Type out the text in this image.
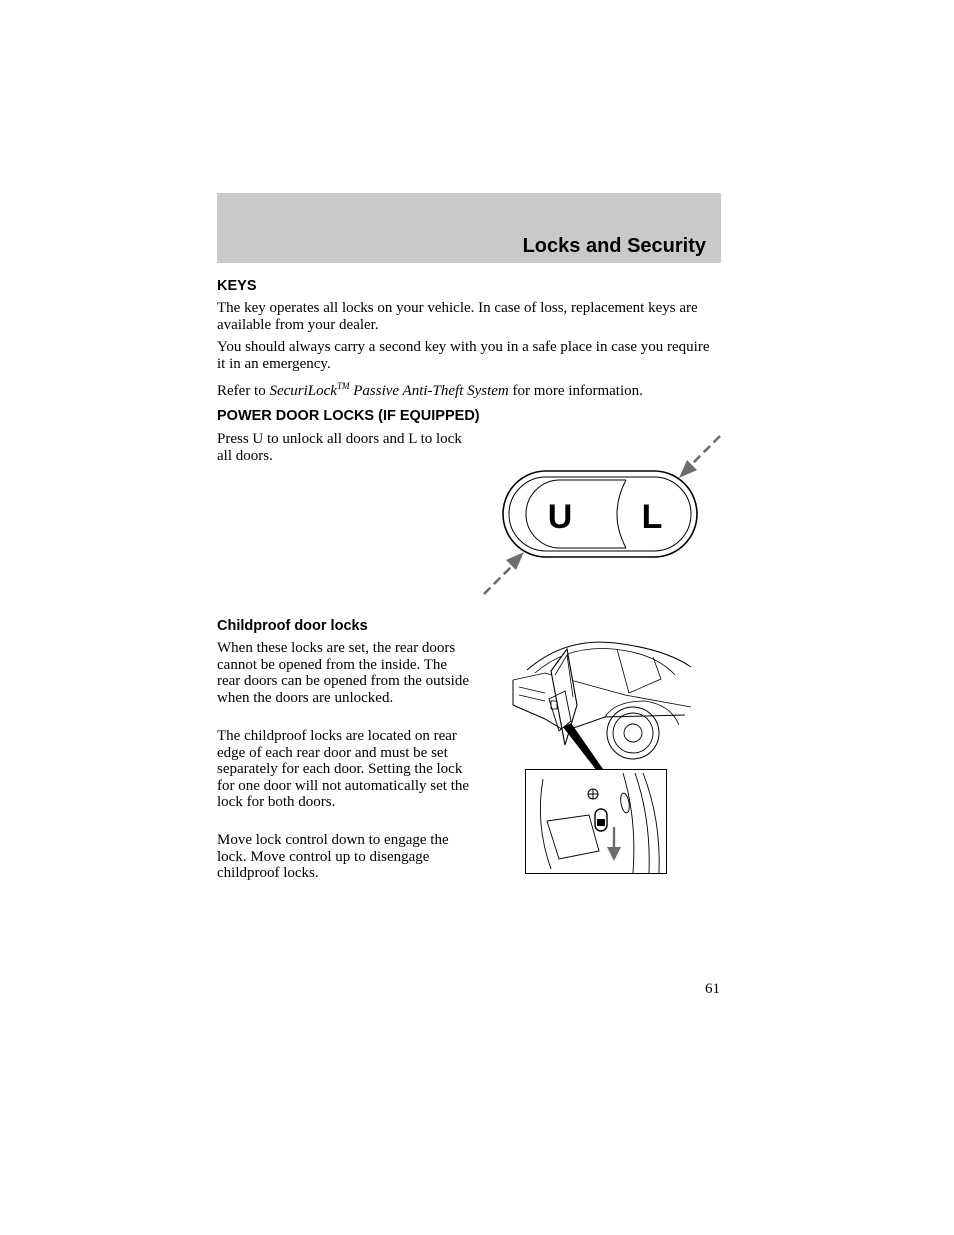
Locks and Security
KEYS

The key operates all locks on your vehicle. In case of loss, replacement keys are available from your dealer.

You should always carry a second key with you in a safe place in case you require it in an emergency.

Refer to SecuriLock™ Passive Anti-Theft System for more information.

POWER DOOR LOCKS (IF EQUIPPED)

Press U to unlock all doors and L to lock all doors.

U L
Childproof door locks

When these locks are set, the rear doors cannot be opened from the inside. The rear doors can be opened from the outside when the doors are unlocked.

The childproof locks are located on rear edge of each rear door and must be set separately for each door. Setting the lock for one door will not automatically set the lock for both doors.

Move lock control down to engage the lock. Move control up to disengage childproof locks.

61
